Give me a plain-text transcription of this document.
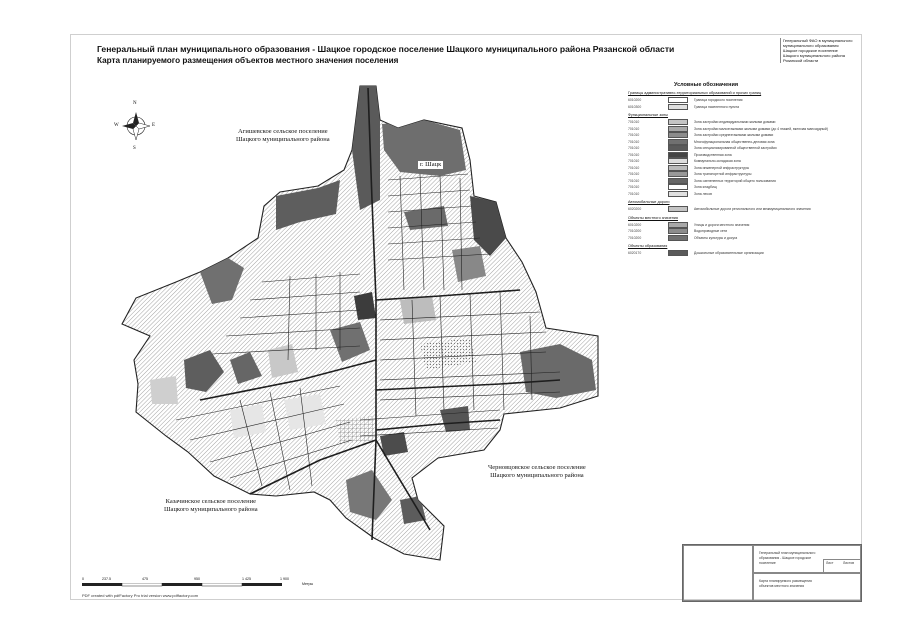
Генеральный план муниципального образования - Шацкое городское поселение Шацкого муниципального района Рязанской области
Карта планируемого размещения объектов местного значения поселения
Генеральный ФАО в муниципального
муниципального образования
Шацкое городское поселение
Шацкого муниципального района
Рязанской области
N
S
E
W
Агишевское сельское поселение
Шацкого муниципального района
г. Шацк
Черновцовское сельское поселение
Шацкого муниципального района
Казачинское сельское поселение
Шацкого муниципального района
Условные обозначения
Границы административно-территориальных образований и прочих границ
6010200	Граница городского поселения
6010300	Граница населенного пункта
Функциональные зоны
701010	Зона застройки индивидуальными жилыми домами
701010	Зона застройки малоэтажными жилыми домами (до 4 этажей, включая мансардный)
701010	Зона застройки среднеэтажными жилыми домами
701010	Многофункциональная общественно-деловая зона
701010	Зона специализированной общественной застройки
701010	Производственная зона
701010	Коммунально-складская зона
701010	Зона инженерной инфраструктуры
701010	Зона транспортной инфраструктуры
701010	Зона озелененных территорий общего пользования
701010	Зона кладбищ
701010	Зона лесов
Автомобильные дороги
6020200	Автомобильные дороги регионального или межмуниципального значения
Объекты местного значения
6010200	Улицы и дороги местного значения
7010200	Водопроводные сети
7010200	Объекты культуры и досуга
Объекты образования
6020170	Дошкольные образовательные организации
0	237.5	475	950	1 425	1 900
Метры
PDF created with pdfFactory Pro trial version www.pdffactory.com
Генеральный план муниципального
образования - Шацкое городское
поселение
Карта планируемого размещения
объектов местного значения
Лист	Листов
